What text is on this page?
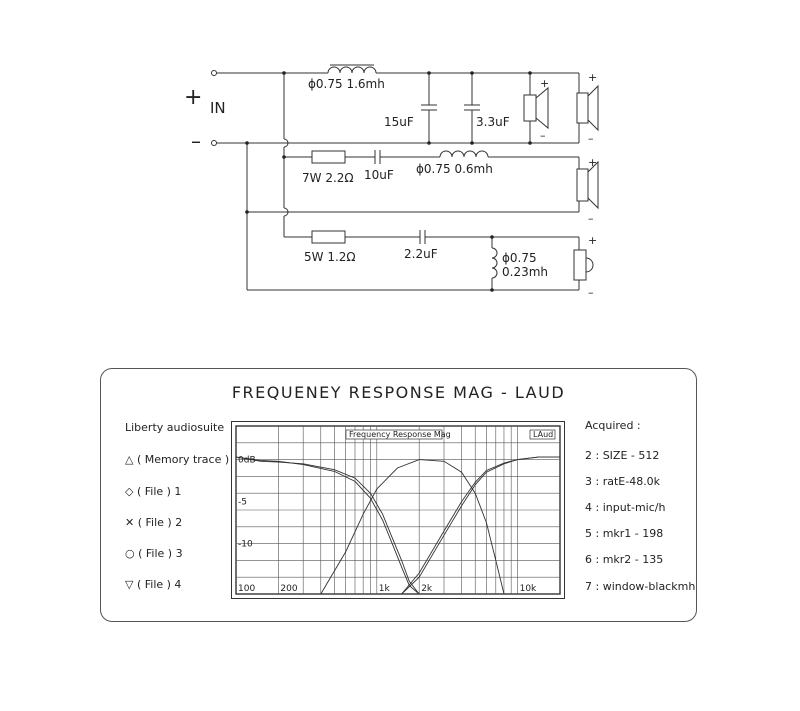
+
–
IN
ϕ0.75 1.6mh
15uF	3.3uF
7W 2.2Ω 10uF ϕ0.75 0.6mh
5W 1.2Ω	2.2uF	ϕ0.75
0.23mh
+
–
+
–
+
–
+
–
FREQUENEY RESPONSE MAG - LAUD
Liberty audiosuite
△ ( Memory trace )
◇ ( File ) 1
✕ ( File ) 2
○ ( File ) 3
▽ ( File ) 4
Acquired :
2 : SIZE - 512
3 : ratE-48.0k
4 : input-mic/h
5 : mkr1 - 198
6 : mkr2 - 135
7 : window-blackmh
Frequency Response Mag	LAud
100	200	1k	2k	10k
0dB
-5
-10
